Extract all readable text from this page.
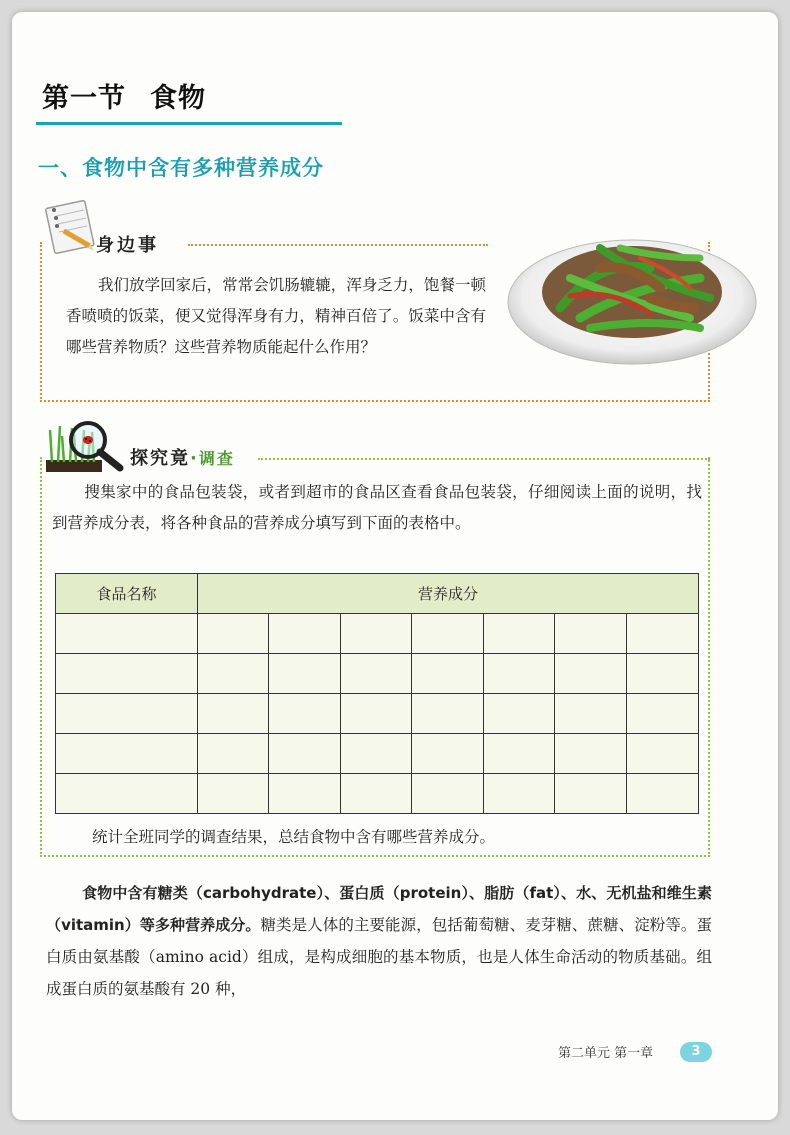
第一节 食物
一、食物中含有多种营养成分
身边事
我们放学回家后，常常会饥肠辘辘，浑身乏力，饱餐一顿香喷喷的饭菜，便又觉得浑身有力，精神百倍了。饭菜中含有哪些营养物质？这些营养物质能起什么作用？
探究竟·调查
搜集家中的食品包装袋，或者到超市的食品区查看食品包装袋，仔细阅读上面的说明，找到营养成分表，将各种食品的营养成分填写到下面的表格中。
食品名称	营养成分						

统计全班同学的调查结果，总结食物中含有哪些营养成分。
食物中含有糖类（carbohydrate）、蛋白质（protein）、脂肪（fat）、水、无机盐和维生素（vitamin）等多种营养成分。糖类是人体的主要能源，包括葡萄糖、麦芽糖、蔗糖、淀粉等。蛋白质由氨基酸（amino acid）组成，是构成细胞的基本物质，也是人体生命活动的物质基础。组成蛋白质的氨基酸有 20 种，
第二单元 第一章	3
